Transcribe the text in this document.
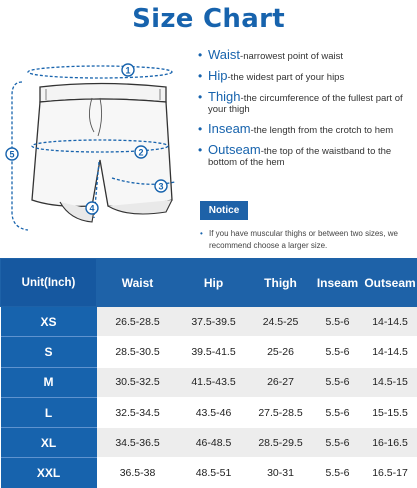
Size Chart
1
2
3
4
5
• Waist-narrowest point of waist
• Hip-the widest part of your hips
• Thigh-the circumference of the fullest part of your thigh
• Inseam-the length from the crotch to hem
• Outseam-the top of the waistband to the bottom of the hem
Notice
• If you have muscular thighs or between two sizes, we recommend choose a larger size.
Unit(Inch)	Waist	Hip	Thigh	Inseam	Outseam
XS	26.5-28.5	37.5-39.5	24.5-25	5.5-6	14-14.5
S	28.5-30.5	39.5-41.5	25-26	5.5-6	14-14.5
M	30.5-32.5	41.5-43.5	26-27	5.5-6	14.5-15
L	32.5-34.5	43.5-46	27.5-28.5	5.5-6	15-15.5
XL	34.5-36.5	46-48.5	28.5-29.5	5.5-6	16-16.5
XXL	36.5-38	48.5-51	30-31	5.5-6	16.5-17
